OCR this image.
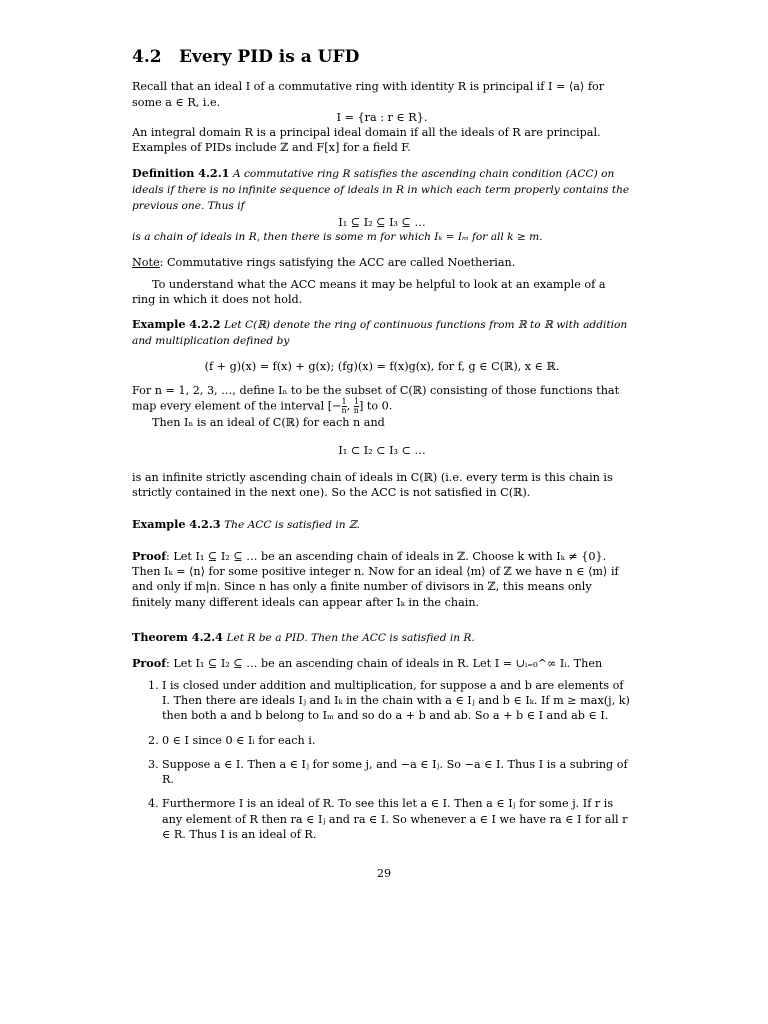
4.2 Every PID is a UFD

Recall that an ideal I of a commutative ring with identity R is principal if I = ⟨a⟩ for some a ∈ R, i.e.

I = {ra : r ∈ R}.

An integral domain R is a principal ideal domain if all the ideals of R are principal. Examples of PIDs include ℤ and F[x] for a field F.

Definition 4.2.1 A commutative ring R satisfies the ascending chain condition (ACC) on ideals if there is no infinite sequence of ideals in R in which each term properly contains the previous one. Thus if

I₁ ⊆ I₂ ⊆ I₃ ⊆ …

is a chain of ideals in R, then there is some m for which Iₖ = Iₘ for all k ≥ m.

Note: Commutative rings satisfying the ACC are called Noetherian.

To understand what the ACC means it may be helpful to look at an example of a ring in which it does not hold.

Example 4.2.2 Let C(ℝ) denote the ring of continuous functions from ℝ to ℝ with addition and multiplication defined by

(f + g)(x) = f(x) + g(x); (fg)(x) = f(x)g(x), for f, g ∈ C(ℝ), x ∈ ℝ.

For n = 1, 2, 3, …, define Iₙ to be the subset of C(ℝ) consisting of those functions that map every element of the interval [− $\frac{1}{n}$ , $\frac{1}{n}$ ] to 0.

Then Iₙ is an ideal of C(ℝ) for each n and

I₁ ⊂ I₂ ⊂ I₃ ⊂ …

is an infinite strictly ascending chain of ideals in C(ℝ) (i.e. every term is this chain is strictly contained in the next one). So the ACC is not satisfied in C(ℝ).

Example 4.2.3 The ACC is satisfied in ℤ.

Proof: Let I₁ ⊆ I₂ ⊆ … be an ascending chain of ideals in ℤ. Choose k with Iₖ ≠ {0}. Then Iₖ = ⟨n⟩ for some positive integer n. Now for an ideal ⟨m⟩ of ℤ we have n ∈ ⟨m⟩ if and only if m|n. Since n has only a finite number of divisors in ℤ, this means only finitely many different ideals can appear after Iₖ in the chain.

Theorem 4.2.4 Let R be a PID. Then the ACC is satisfied in R.

Proof: Let I₁ ⊆ I₂ ⊆ … be an ascending chain of ideals in R. Let I = ∪ᵢ₌₀^∞ Iᵢ. Then

1. I is closed under addition and multiplication, for suppose a and b are elements of I. Then there are ideals Iⱼ and Iₖ in the chain with a ∈ Iⱼ and b ∈ Iₖ. If m ≥ max(j, k) then both a and b belong to Iₘ and so do a + b and ab. So a + b ∈ I and ab ∈ I.
2. 0 ∈ I since 0 ∈ Iᵢ for each i.
3. Suppose a ∈ I. Then a ∈ Iⱼ for some j, and −a ∈ Iⱼ. So −a ∈ I. Thus I is a subring of R.
4. Furthermore I is an ideal of R. To see this let a ∈ I. Then a ∈ Iⱼ for some j. If r is any element of R then ra ∈ Iⱼ and ra ∈ I. So whenever a ∈ I we have ra ∈ I for all r ∈ R. Thus I is an ideal of R.
29
